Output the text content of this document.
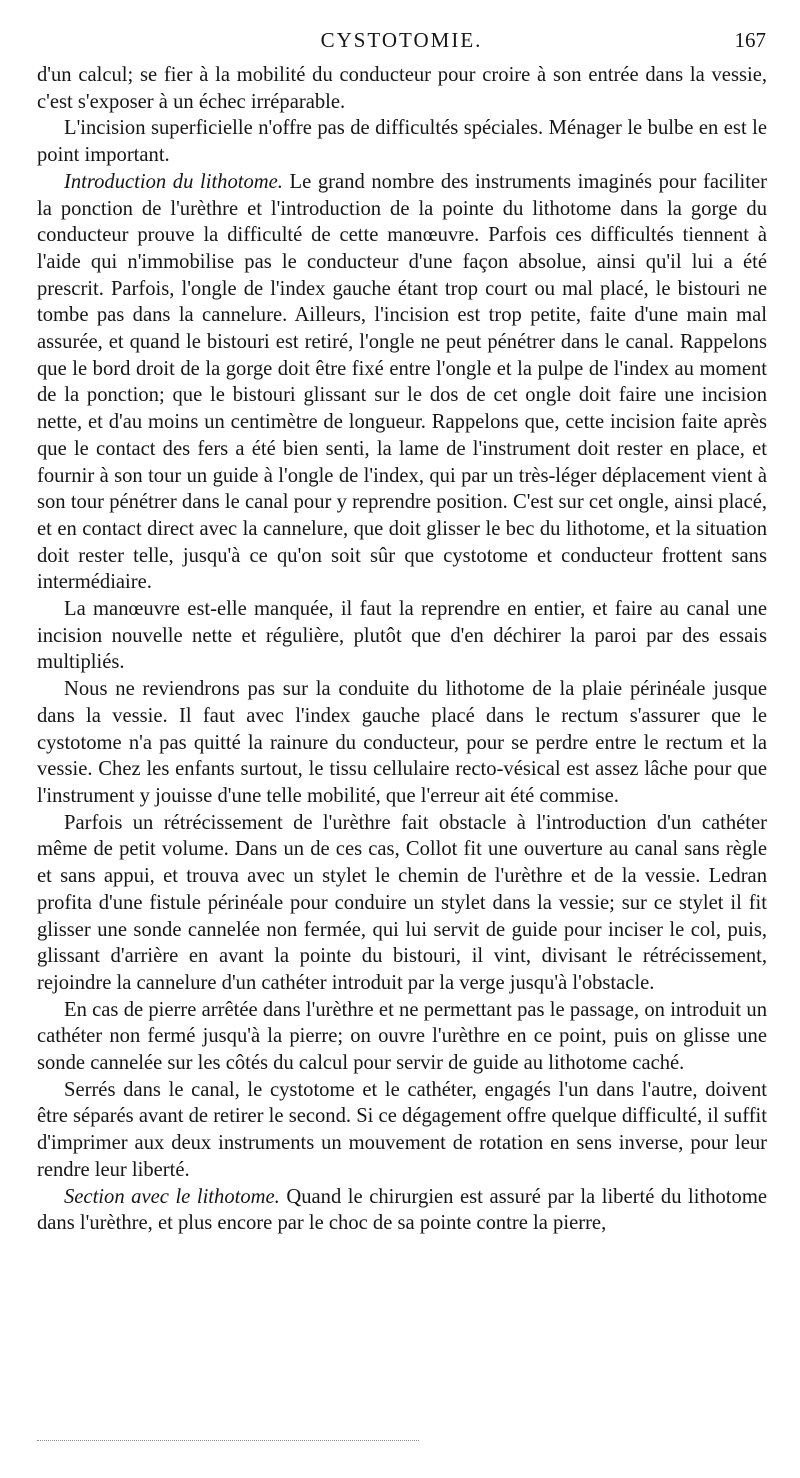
CYSTOTOMIE.	167

d'un calcul; se fier à la mobilité du conducteur pour croire à son entrée dans la vessie, c'est s'exposer à un échec irréparable.

L'incision superficielle n'offre pas de difficultés spéciales. Ménager le bulbe en est le point important.

Introduction du lithotome. Le grand nombre des instruments imaginés pour faciliter la ponction de l'urèthre et l'introduction de la pointe du lithotome dans la gorge du conducteur prouve la difficulté de cette manœuvre. Parfois ces difficultés tiennent à l'aide qui n'immobilise pas le conducteur d'une façon absolue, ainsi qu'il lui a été prescrit. Parfois, l'ongle de l'index gauche étant trop court ou mal placé, le bistouri ne tombe pas dans la cannelure. Ailleurs, l'incision est trop petite, faite d'une main mal assurée, et quand le bistouri est retiré, l'ongle ne peut pénétrer dans le canal. Rappelons que le bord droit de la gorge doit être fixé entre l'ongle et la pulpe de l'index au moment de la ponction; que le bistouri glissant sur le dos de cet ongle doit faire une incision nette, et d'au moins un centimètre de longueur. Rappelons que, cette incision faite après que le contact des fers a été bien senti, la lame de l'instrument doit rester en place, et fournir à son tour un guide à l'ongle de l'index, qui par un très-léger déplacement vient à son tour pénétrer dans le canal pour y reprendre position. C'est sur cet ongle, ainsi placé, et en contact direct avec la cannelure, que doit glisser le bec du lithotome, et la situation doit rester telle, jusqu'à ce qu'on soit sûr que cystotome et conducteur frottent sans intermédiaire.

La manœuvre est-elle manquée, il faut la reprendre en entier, et faire au canal une incision nouvelle nette et régulière, plutôt que d'en déchirer la paroi par des essais multipliés.

Nous ne reviendrons pas sur la conduite du lithotome de la plaie périnéale jusque dans la vessie. Il faut avec l'index gauche placé dans le rectum s'assurer que le cystotome n'a pas quitté la rainure du conducteur, pour se perdre entre le rectum et la vessie. Chez les enfants surtout, le tissu cellulaire recto-vésical est assez lâche pour que l'instrument y jouisse d'une telle mobilité, que l'erreur ait été commise.

Parfois un rétrécissement de l'urèthre fait obstacle à l'introduction d'un cathéter même de petit volume. Dans un de ces cas, Collot fit une ouverture au canal sans règle et sans appui, et trouva avec un stylet le chemin de l'urèthre et de la vessie. Ledran profita d'une fistule périnéale pour conduire un stylet dans la vessie; sur ce stylet il fit glisser une sonde cannelée non fermée, qui lui servit de guide pour inciser le col, puis, glissant d'arrière en avant la pointe du bistouri, il vint, divisant le rétrécissement, rejoindre la cannelure d'un cathéter introduit par la verge jusqu'à l'obstacle.

En cas de pierre arrêtée dans l'urèthre et ne permettant pas le passage, on introduit un cathéter non fermé jusqu'à la pierre; on ouvre l'urèthre en ce point, puis on glisse une sonde cannelée sur les côtés du calcul pour servir de guide au lithotome caché.

Serrés dans le canal, le cystotome et le cathéter, engagés l'un dans l'autre, doivent être séparés avant de retirer le second. Si ce dégagement offre quelque difficulté, il suffit d'imprimer aux deux instruments un mouvement de rotation en sens inverse, pour leur rendre leur liberté.

Section avec le lithotome. Quand le chirurgien est assuré par la liberté du lithotome dans l'urèthre, et plus encore par le choc de sa pointe contre la pierre,
